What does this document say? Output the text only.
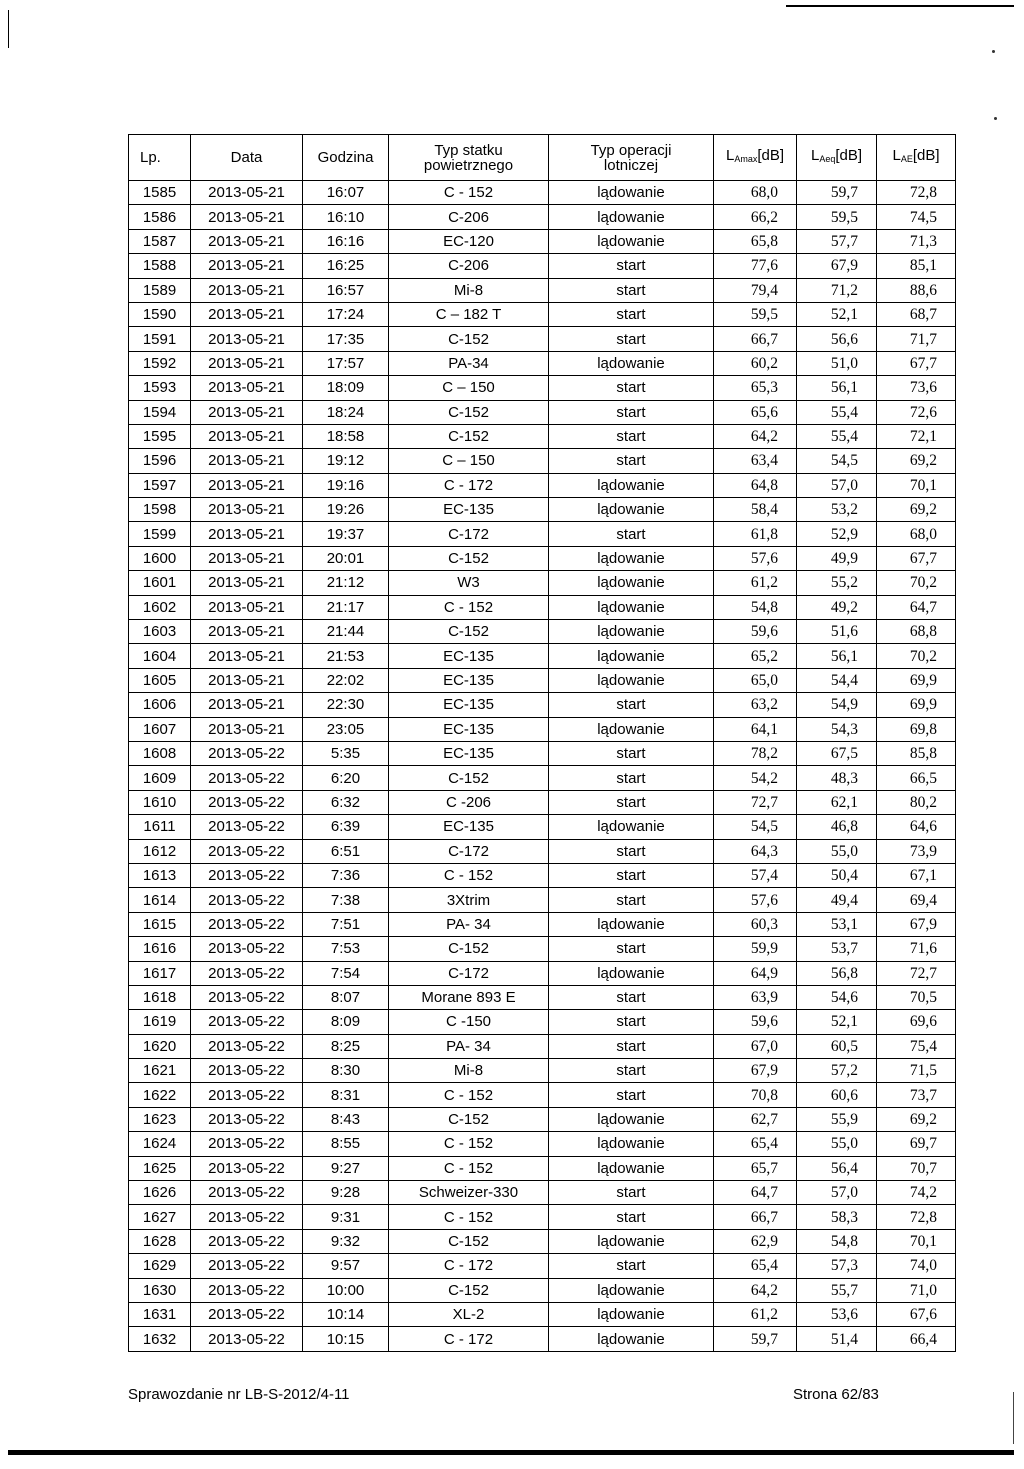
Lp.	Data	Godzina	Typ statku
powietrznego	Typ operacji
lotniczej	$L_{Amax}[dB]$	$L_{Aeq}[dB]$	$L_{AE}[dB]$
1585	2013-05-21	16:07	C - 152	lądowanie	68,0	59,7	72,8
1586	2013-05-21	16:10	C-206	lądowanie	66,2	59,5	74,5
1587	2013-05-21	16:16	EC-120	lądowanie	65,8	57,7	71,3
1588	2013-05-21	16:25	C-206	start	77,6	67,9	85,1
1589	2013-05-21	16:57	Mi-8	start	79,4	71,2	88,6
1590	2013-05-21	17:24	C – 182 T	start	59,5	52,1	68,7
1591	2013-05-21	17:35	C-152	start	66,7	56,6	71,7
1592	2013-05-21	17:57	PA-34	lądowanie	60,2	51,0	67,7
1593	2013-05-21	18:09	C – 150	start	65,3	56,1	73,6
1594	2013-05-21	18:24	C-152	start	65,6	55,4	72,6
1595	2013-05-21	18:58	C-152	start	64,2	55,4	72,1
1596	2013-05-21	19:12	C – 150	start	63,4	54,5	69,2
1597	2013-05-21	19:16	C - 172	lądowanie	64,8	57,0	70,1
1598	2013-05-21	19:26	EC-135	lądowanie	58,4	53,2	69,2
1599	2013-05-21	19:37	C-172	start	61,8	52,9	68,0
1600	2013-05-21	20:01	C-152	lądowanie	57,6	49,9	67,7
1601	2013-05-21	21:12	W3	lądowanie	61,2	55,2	70,2
1602	2013-05-21	21:17	C - 152	lądowanie	54,8	49,2	64,7
1603	2013-05-21	21:44	C-152	lądowanie	59,6	51,6	68,8
1604	2013-05-21	21:53	EC-135	lądowanie	65,2	56,1	70,2
1605	2013-05-21	22:02	EC-135	lądowanie	65,0	54,4	69,9
1606	2013-05-21	22:30	EC-135	start	63,2	54,9	69,9
1607	2013-05-21	23:05	EC-135	lądowanie	64,1	54,3	69,8
1608	2013-05-22	5:35	EC-135	start	78,2	67,5	85,8
1609	2013-05-22	6:20	C-152	start	54,2	48,3	66,5
1610	2013-05-22	6:32	C -206	start	72,7	62,1	80,2
1611	2013-05-22	6:39	EC-135	lądowanie	54,5	46,8	64,6
1612	2013-05-22	6:51	C-172	start	64,3	55,0	73,9
1613	2013-05-22	7:36	C - 152	start	57,4	50,4	67,1
1614	2013-05-22	7:38	3Xtrim	start	57,6	49,4	69,4
1615	2013-05-22	7:51	PA- 34	lądowanie	60,3	53,1	67,9
1616	2013-05-22	7:53	C-152	start	59,9	53,7	71,6
1617	2013-05-22	7:54	C-172	lądowanie	64,9	56,8	72,7
1618	2013-05-22	8:07	Morane 893 E	start	63,9	54,6	70,5
1619	2013-05-22	8:09	C -150	start	59,6	52,1	69,6
1620	2013-05-22	8:25	PA- 34	start	67,0	60,5	75,4
1621	2013-05-22	8:30	Mi-8	start	67,9	57,2	71,5
1622	2013-05-22	8:31	C - 152	start	70,8	60,6	73,7
1623	2013-05-22	8:43	C-152	lądowanie	62,7	55,9	69,2
1624	2013-05-22	8:55	C - 152	lądowanie	65,4	55,0	69,7
1625	2013-05-22	9:27	C - 152	lądowanie	65,7	56,4	70,7
1626	2013-05-22	9:28	Schweizer-330	start	64,7	57,0	74,2
1627	2013-05-22	9:31	C - 152	start	66,7	58,3	72,8
1628	2013-05-22	9:32	C-152	lądowanie	62,9	54,8	70,1
1629	2013-05-22	9:57	C - 172	start	65,4	57,3	74,0
1630	2013-05-22	10:00	C-152	lądowanie	64,2	55,7	71,0
1631	2013-05-22	10:14	XL-2	lądowanie	61,2	53,6	67,6
1632	2013-05-22	10:15	C - 172	lądowanie	59,7	51,4	66,4
Sprawozdanie nr LB-S-2012/4-11	Strona 62/83
